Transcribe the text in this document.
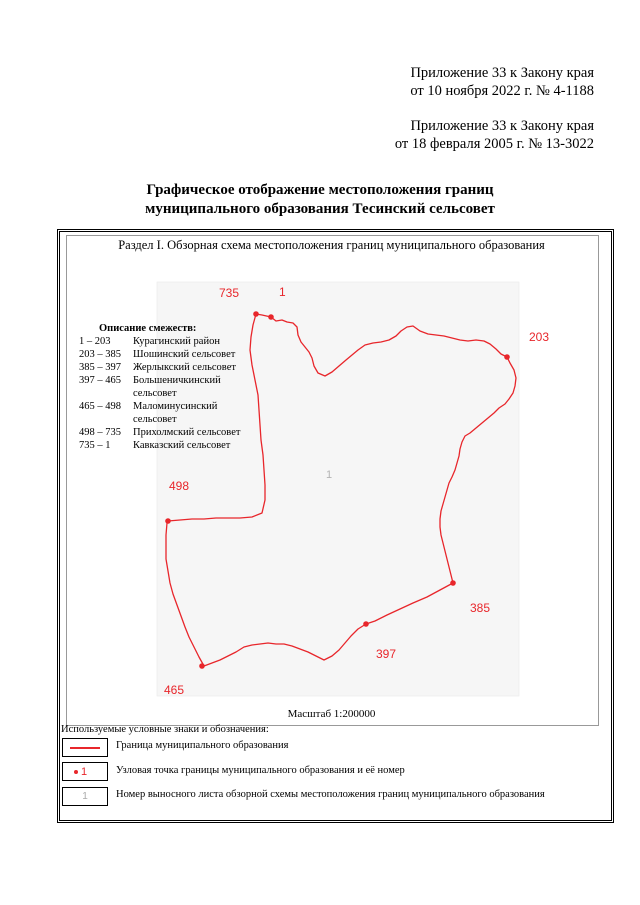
Приложение 33 к Закону края
от 10 ноября 2022 г. № 4-1188
Приложение 33 к Закону края
от 18 февраля 2005 г. № 13-3022
Графическое отображение местоположения границ
муниципального образования Тесинский сельсовет
Раздел I. Обзорная схема местоположения границ муниципального образования
735	1
203
385
397
465
498
1
Описание смежеств:
1 – 203	Курагинский район
203 – 385	Шошинский сельсовет
385 – 397	Жерлыкский сельсовет
397 – 465	Большеничкинский
сельсовет
465 – 498	Маломинусинский
сельсовет
498 – 735	Прихолмский сельсовет
735 – 1	Кавказский сельсовет
Масштаб 1:200000
Используемые условные знаки и обозначения:
Граница муниципального образования
1	Узловая точка границы муниципального образования и её номер
1	Номер выносного листа обзорной схемы местоположения границ муниципального образования
